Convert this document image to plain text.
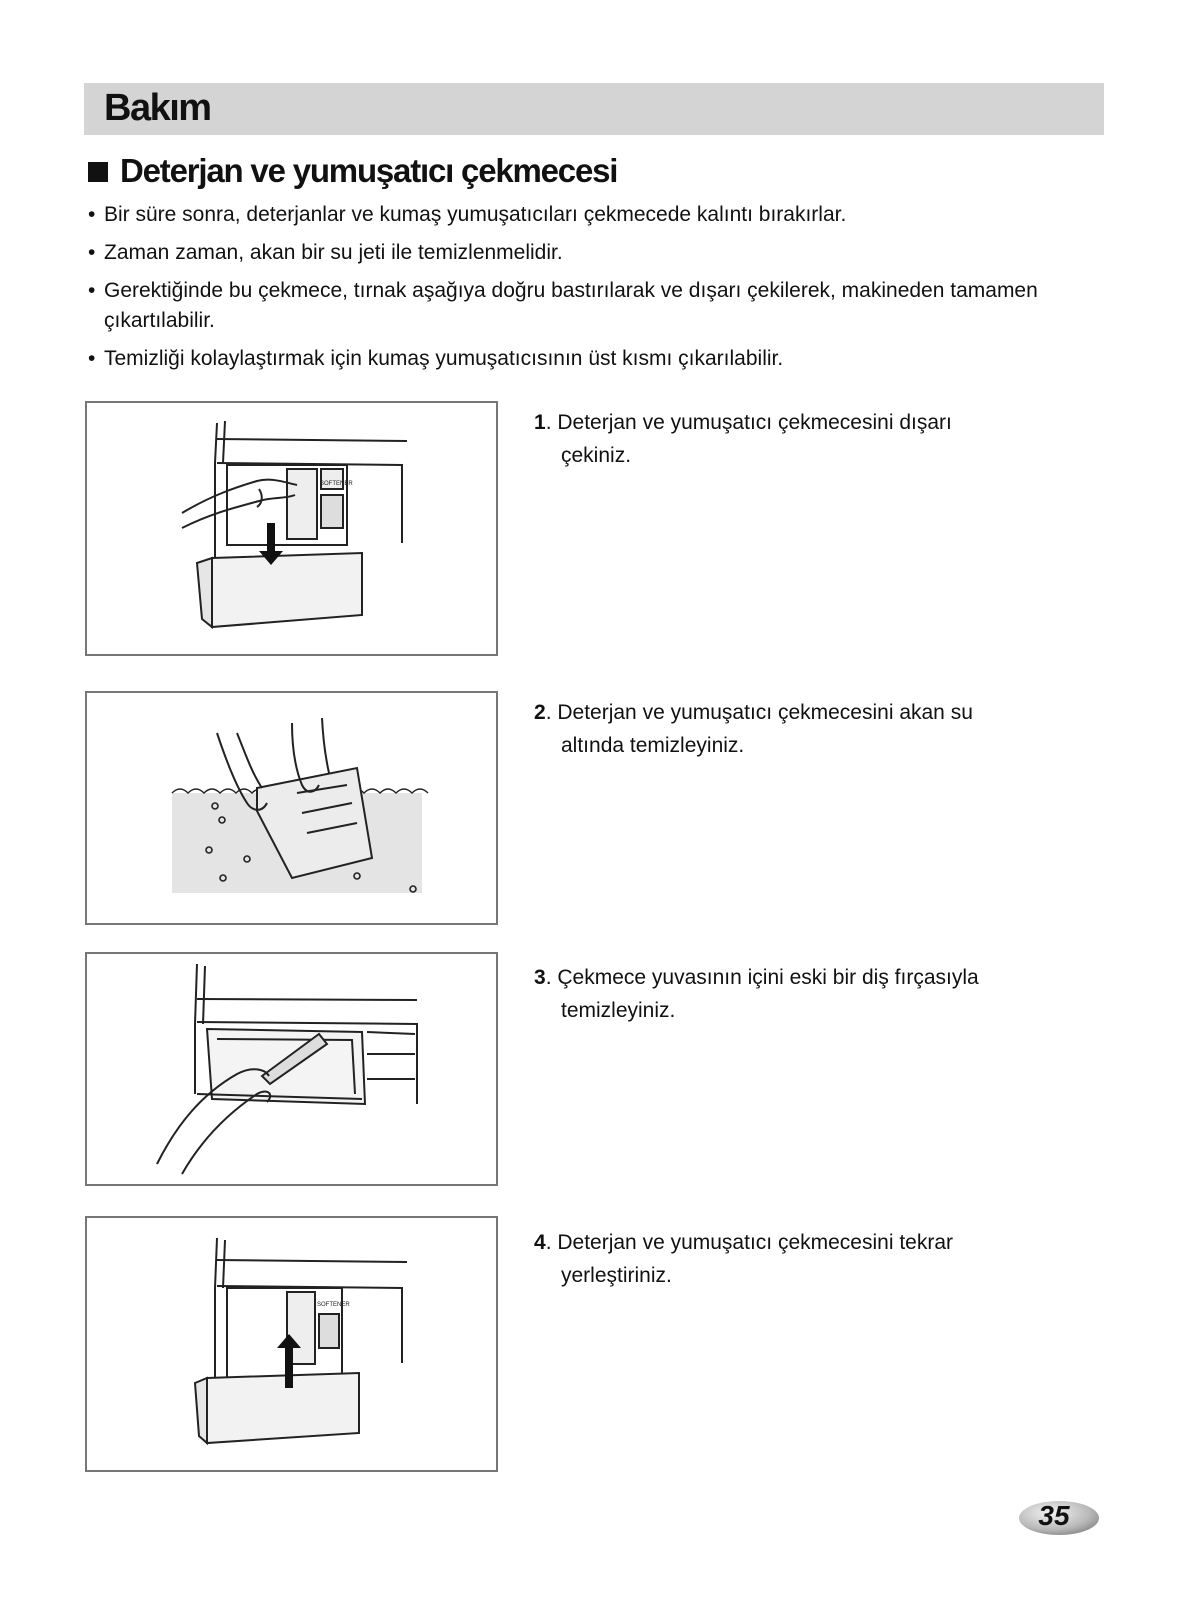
Bakım
Deterjan ve yumuşatıcı çekmecesi
• Bir süre sonra, deterjanlar ve kumaş yumuşatıcıları çekmecede kalıntı bırakırlar.
• Zaman zaman, akan bir su jeti ile temizlenmelidir.
• Gerektiğinde bu çekmece, tırnak aşağıya doğru bastırılarak ve dışarı çekilerek, makineden tamamen çıkartılabilir.
• Temizliği kolaylaştırmak için kumaş yumuşatıcısının üst kısmı çıkarılabilir.
SOFTENER
SOFTENER
1. Deterjan ve yumuşatıcı çekmecesini dışarı
çekiniz.
2. Deterjan ve yumuşatıcı çekmecesini akan su
altında temizleyiniz.
3. Çekmece yuvasının içini eski bir diş fırçasıyla
temizleyiniz.
4. Deterjan ve yumuşatıcı çekmecesini tekrar
yerleştiriniz.
35
